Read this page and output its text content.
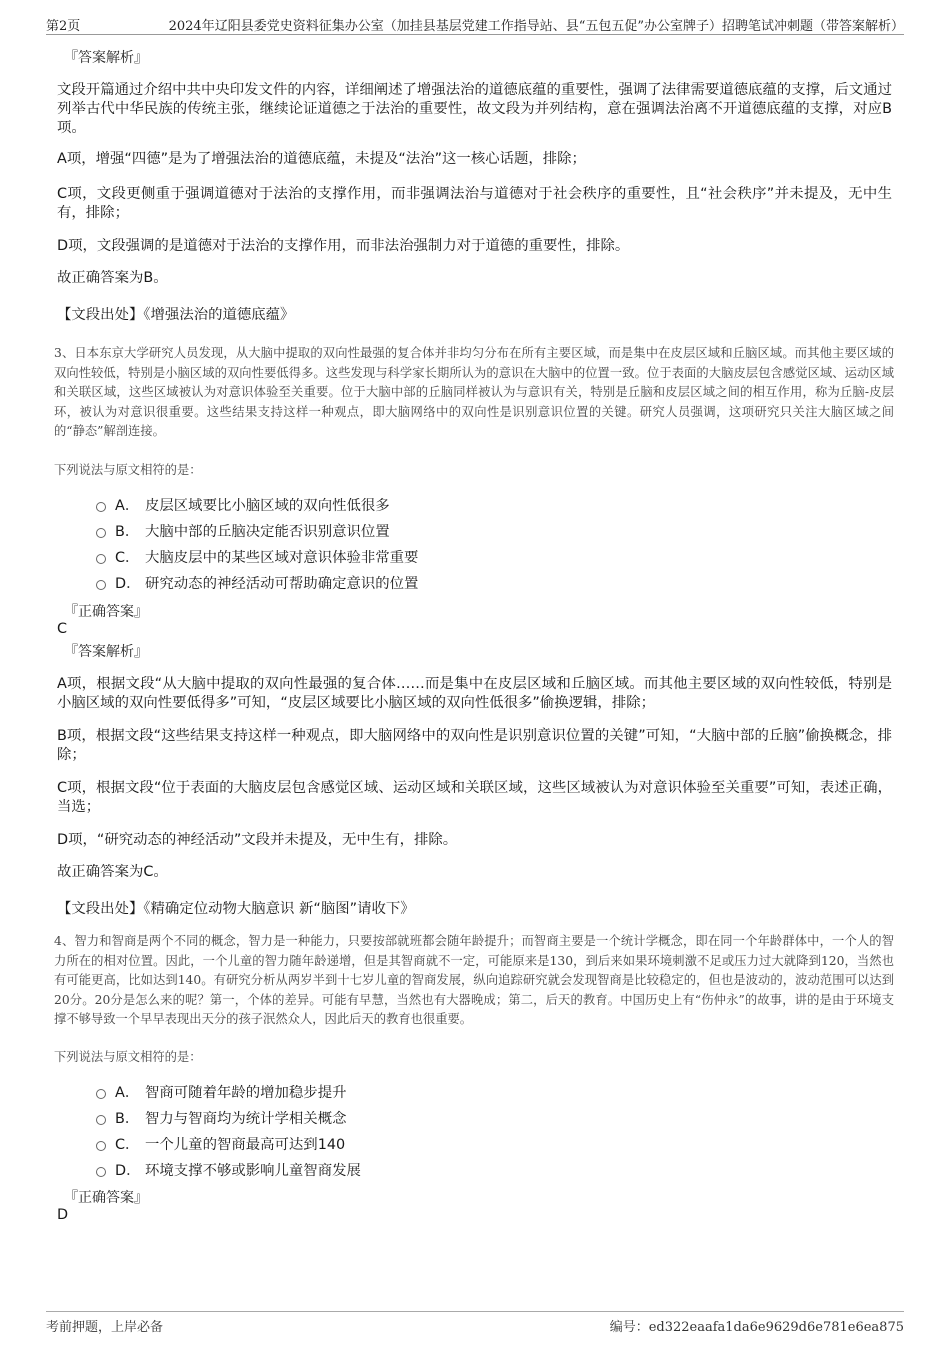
第2页	2024年辽阳县委党史资料征集办公室（加挂县基层党建工作指导站、县“五包五促”办公室牌子）招聘笔试冲刺题（带答案解析）
『答案解析』
文段开篇通过介绍中共中央印发文件的内容，详细阐述了增强法治的道德底蕴的重要性，强调了法律需要道德底蕴的支撑，后文通过列举古代中华民族的传统主张，继续论证道德之于法治的重要性，故文段为并列结构，意在强调法治离不开道德底蕴的支撑，对应B项。
A项，增强“四德”是为了增强法治的道德底蕴，未提及“法治”这一核心话题，排除；
C项，文段更侧重于强调道德对于法治的支撑作用，而非强调法治与道德对于社会秩序的重要性，且“社会秩序”并未提及，无中生有，排除；
D项，文段强调的是道德对于法治的支撑作用，而非法治强制力对于道德的重要性，排除。
故正确答案为B。
【文段出处】《增强法治的道德底蕴》
3、日本东京大学研究人员发现，从大脑中提取的双向性最强的复合体并非均匀分布在所有主要区域，而是集中在皮层区域和丘脑区域。而其他主要区域的双向性较低，特别是小脑区域的双向性要低得多。这些发现与科学家长期所认为的意识在大脑中的位置一致。位于表面的大脑皮层包含感觉区域、运动区域和关联区域，这些区域被认为对意识体验至关重要。位于大脑中部的丘脑同样被认为与意识有关，特别是丘脑和皮层区域之间的相互作用，称为丘脑-皮层环，被认为对意识很重要。这些结果支持这样一种观点，即大脑网络中的双向性是识别意识位置的关键。研究人员强调，这项研究只关注大脑区域之间的“静态”解剖连接。
下列说法与原文相符的是：
A． 皮层区域要比小脑区域的双向性低很多
B． 大脑中部的丘脑决定能否识别意识位置
C． 大脑皮层中的某些区域对意识体验非常重要
D． 研究动态的神经活动可帮助确定意识的位置
『正确答案』
C
『答案解析』
A项，根据文段“从大脑中提取的双向性最强的复合体……而是集中在皮层区域和丘脑区域。而其他主要区域的双向性较低，特别是小脑区域的双向性要低得多”可知，“皮层区域要比小脑区域的双向性低很多”偷换逻辑，排除；
B项，根据文段“这些结果支持这样一种观点，即大脑网络中的双向性是识别意识位置的关键”可知，“大脑中部的丘脑”偷换概念，排除；
C项，根据文段“位于表面的大脑皮层包含感觉区域、运动区域和关联区域，这些区域被认为对意识体验至关重要”可知，表述正确，当选；
D项，“研究动态的神经活动”文段并未提及，无中生有，排除。
故正确答案为C。
【文段出处】《精确定位动物大脑意识 新“脑图”请收下》
4、智力和智商是两个不同的概念，智力是一种能力，只要按部就班都会随年龄提升；而智商主要是一个统计学概念，即在同一个年龄群体中，一个人的智力所在的相对位置。因此，一个儿童的智力随年龄递增，但是其智商就不一定，可能原来是130，到后来如果环境刺激不足或压力过大就降到120，当然也有可能更高，比如达到140。有研究分析从两岁半到十七岁儿童的智商发展，纵向追踪研究就会发现智商是比较稳定的，但也是波动的，波动范围可以达到20分。20分是怎么来的呢？第一，个体的差异。可能有早慧，当然也有大器晚成；第二，后天的教育。中国历史上有“伤仲永”的故事，讲的是由于环境支撑不够导致一个早早表现出天分的孩子泯然众人，因此后天的教育也很重要。
下列说法与原文相符的是：
A． 智商可随着年龄的增加稳步提升
B． 智力与智商均为统计学相关概念
C． 一个儿童的智商最高可达到140
D． 环境支撑不够或影响儿童智商发展
『正确答案』
D
考前押题，上岸必备	编号：ed322eaafa1da6e9629d6e781e6ea875
